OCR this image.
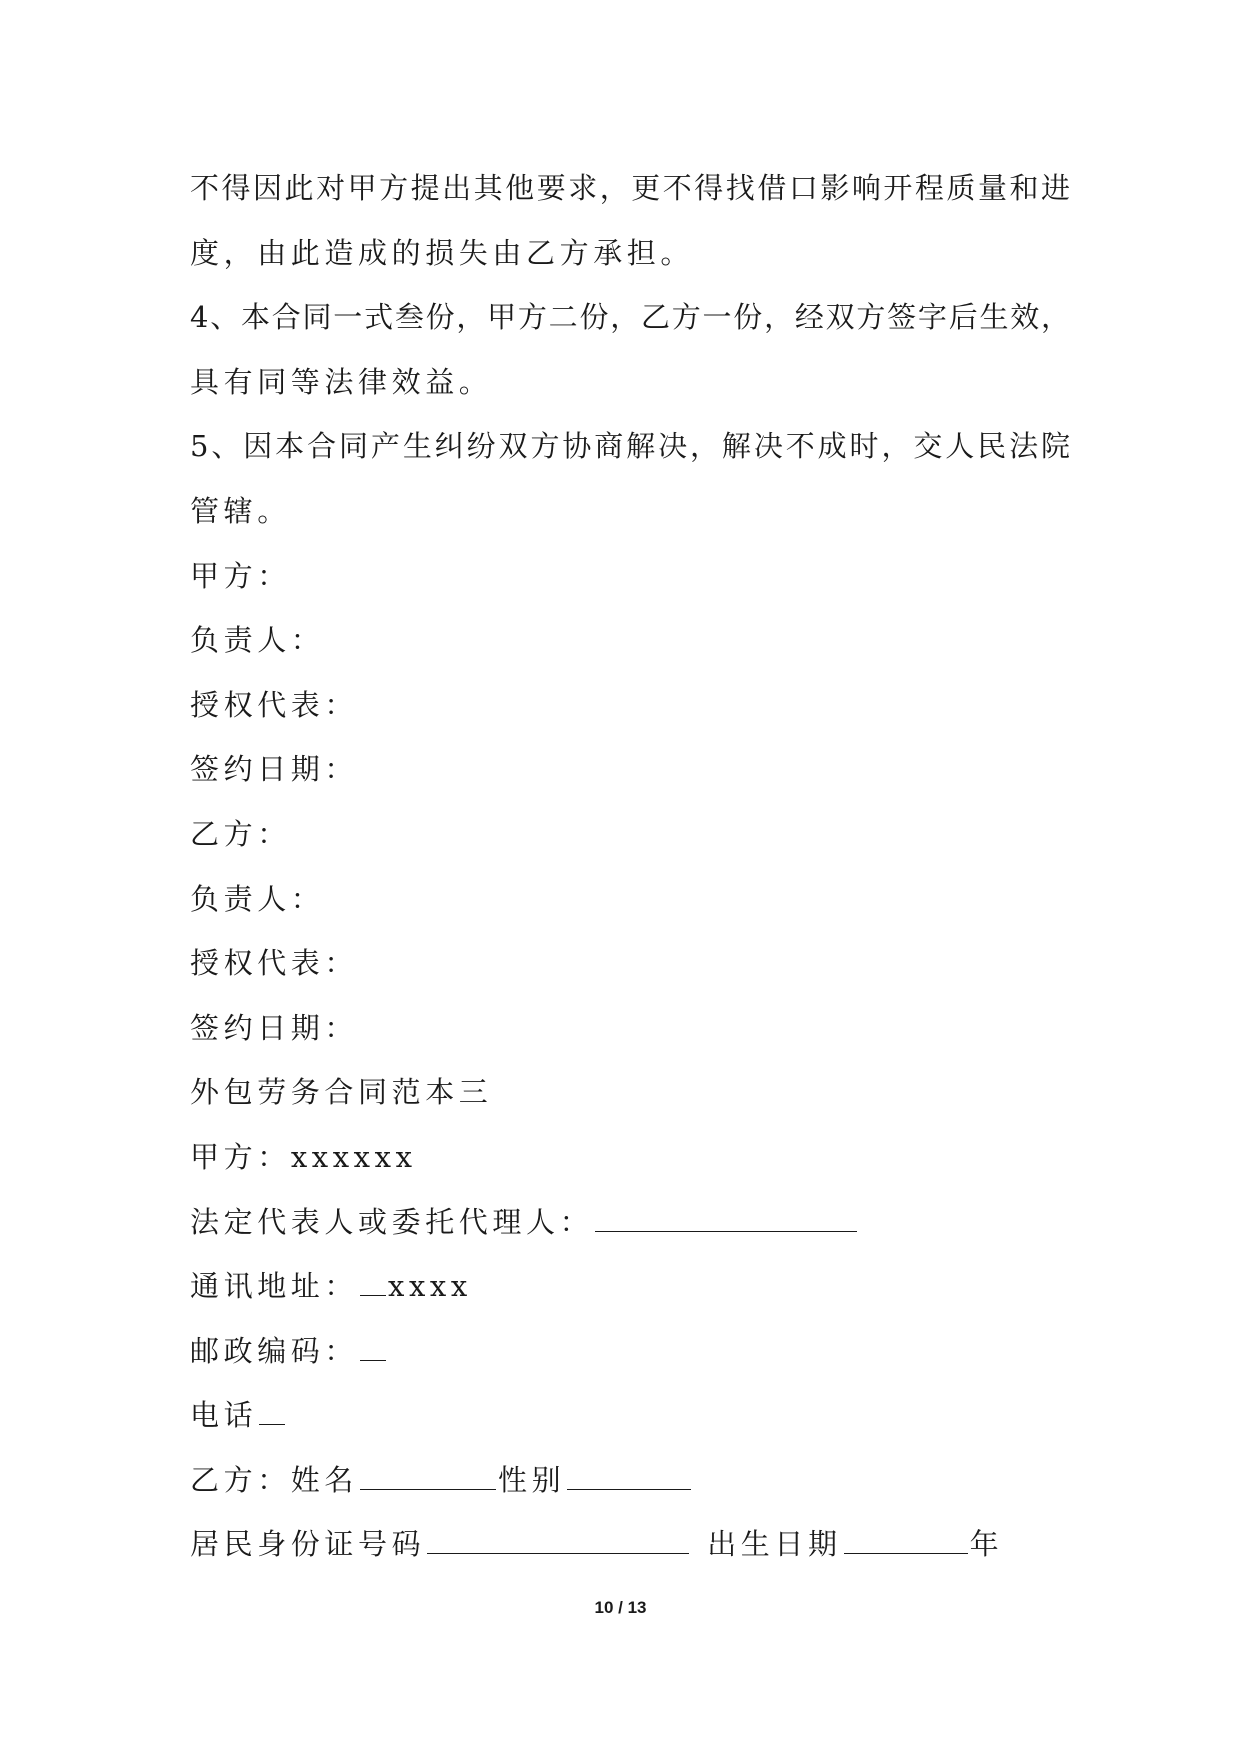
不得因此对甲方提出其他要求，更不得找借口影响开程质量和进
度，由此造成的损失由乙方承担。
4、本合同一式叁份，甲方二份，乙方一份，经双方签字后生效，
具有同等法律效益。
5、因本合同产生纠纷双方协商解决，解决不成时，交人民法院
管辖。
甲方：
负责人：
授权代表：
签约日期：
乙方：
负责人：
授权代表：
签约日期：
外包劳务合同范本三
甲方：xxxxxx
法定代表人或委托代理人：
通讯地址： xxxx
邮政编码：
电话
乙方：姓名	性别
居民身份证号码	出生日期	年
10 / 13
